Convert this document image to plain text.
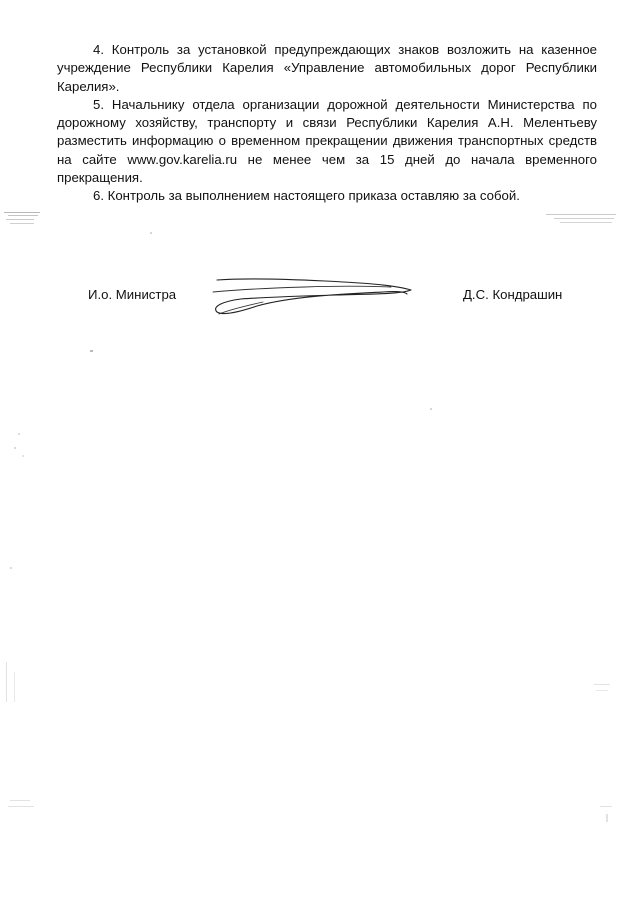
4. Контроль за установкой предупреждающих знаков возложить на казенное учреждение Республики Карелия «Управление автомобильных дорог Республики Карелия».

5. Начальнику отдела организации дорожной деятельности Министерства по дорожному хозяйству, транспорту и связи Республики Карелия А.Н. Мелентьеву разместить информацию о временном прекращении движения транспортных средств на сайте www.gov.karelia.ru не менее чем за 15 дней до начала временного прекращения.

6. Контроль за выполнением настоящего приказа оставляю за собой.

И.о. Министра	Д.С. Кондрашин
